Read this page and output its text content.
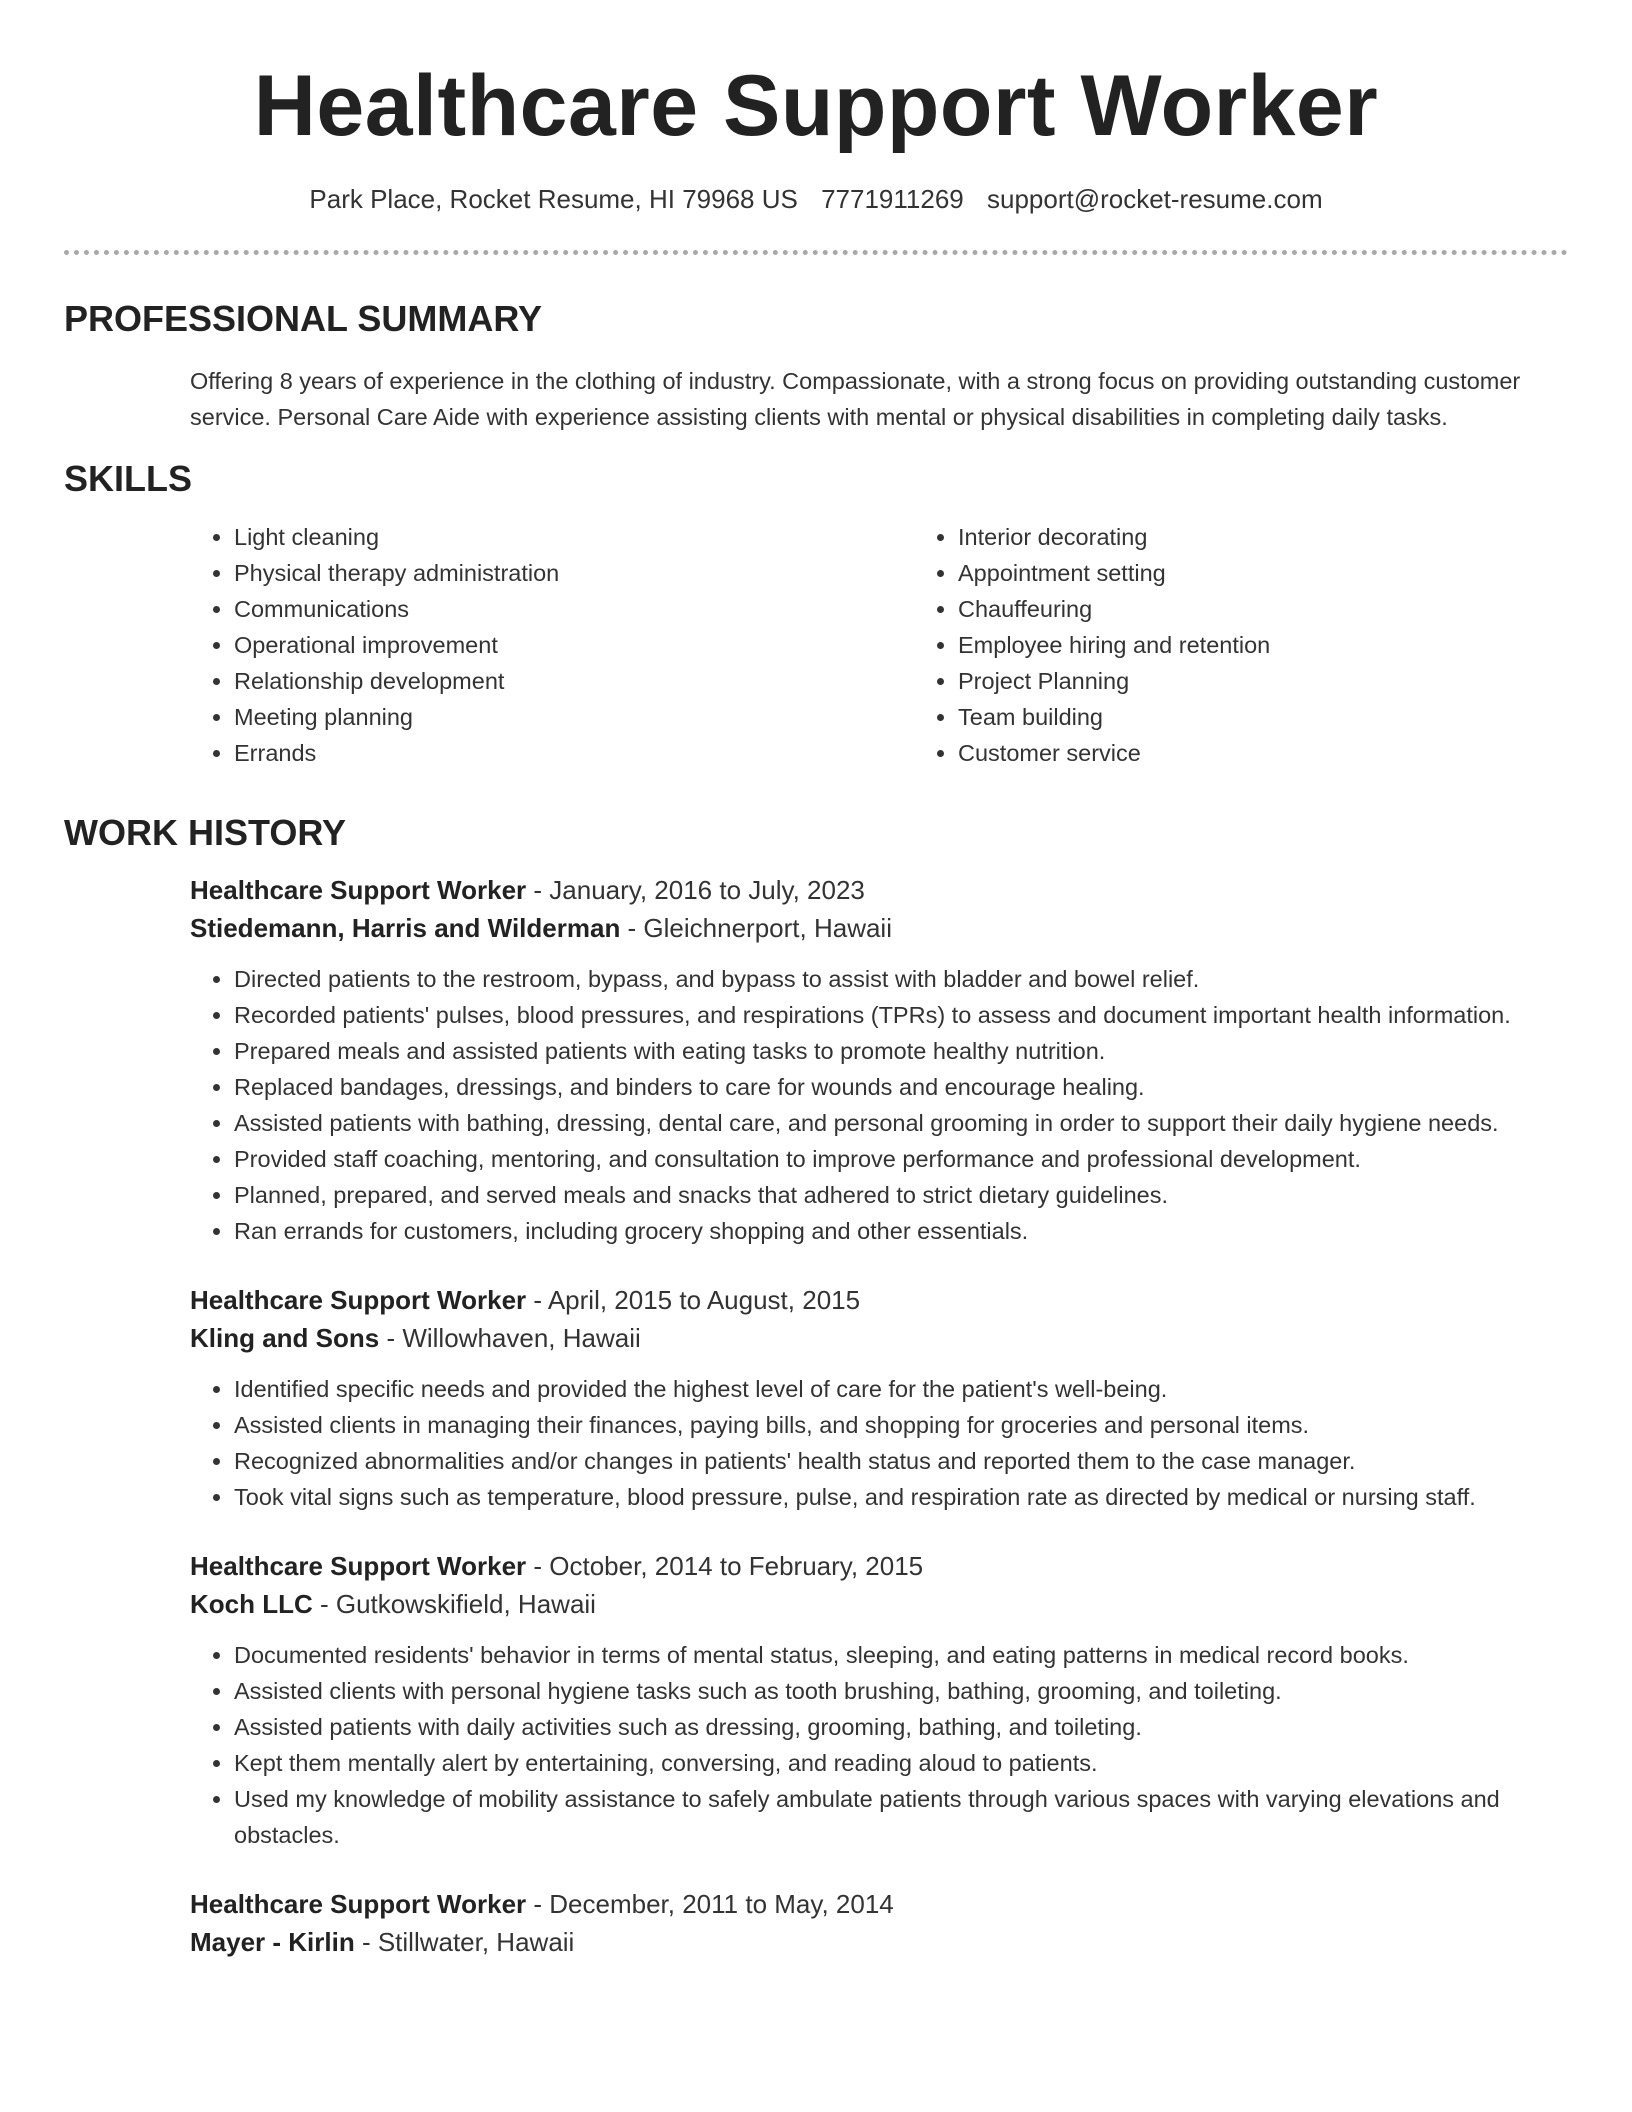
Healthcare Support Worker
Park Place, Rocket Resume, HI 79968 US 7771911269 support@rocket-resume.com
PROFESSIONAL SUMMARY

Offering 8 years of experience in the clothing of industry. Compassionate, with a strong focus on providing outstanding customer service. Personal Care Aide with experience assisting clients with mental or physical disabilities in completing daily tasks.

SKILLS
• Light cleaning
• Physical therapy administration
• Communications
• Operational improvement
• Relationship development
• Meeting planning
• Errands
• Interior decorating
• Appointment setting
• Chauffeuring
• Employee hiring and retention
• Project Planning
• Team building
• Customer service
WORK HISTORY
Healthcare Support Worker - January, 2016 to July, 2023
Stiedemann, Harris and Wilderman - Gleichnerport, Hawaii
• Directed patients to the restroom, bypass, and bypass to assist with bladder and bowel relief.
• Recorded patients' pulses, blood pressures, and respirations (TPRs) to assess and document important health information.
• Prepared meals and assisted patients with eating tasks to promote healthy nutrition.
• Replaced bandages, dressings, and binders to care for wounds and encourage healing.
• Assisted patients with bathing, dressing, dental care, and personal grooming in order to support their daily hygiene needs.
• Provided staff coaching, mentoring, and consultation to improve performance and professional development.
• Planned, prepared, and served meals and snacks that adhered to strict dietary guidelines.
• Ran errands for customers, including grocery shopping and other essentials.
Healthcare Support Worker - April, 2015 to August, 2015
Kling and Sons - Willowhaven, Hawaii
• Identified specific needs and provided the highest level of care for the patient's well-being.
• Assisted clients in managing their finances, paying bills, and shopping for groceries and personal items.
• Recognized abnormalities and/or changes in patients' health status and reported them to the case manager.
• Took vital signs such as temperature, blood pressure, pulse, and respiration rate as directed by medical or nursing staff.
Healthcare Support Worker - October, 2014 to February, 2015
Koch LLC - Gutkowskifield, Hawaii
• Documented residents' behavior in terms of mental status, sleeping, and eating patterns in medical record books.
• Assisted clients with personal hygiene tasks such as tooth brushing, bathing, grooming, and toileting.
• Assisted patients with daily activities such as dressing, grooming, bathing, and toileting.
• Kept them mentally alert by entertaining, conversing, and reading aloud to patients.
• Used my knowledge of mobility assistance to safely ambulate patients through various spaces with varying elevations and obstacles.
Healthcare Support Worker - December, 2011 to May, 2014
Mayer - Kirlin - Stillwater, Hawaii
